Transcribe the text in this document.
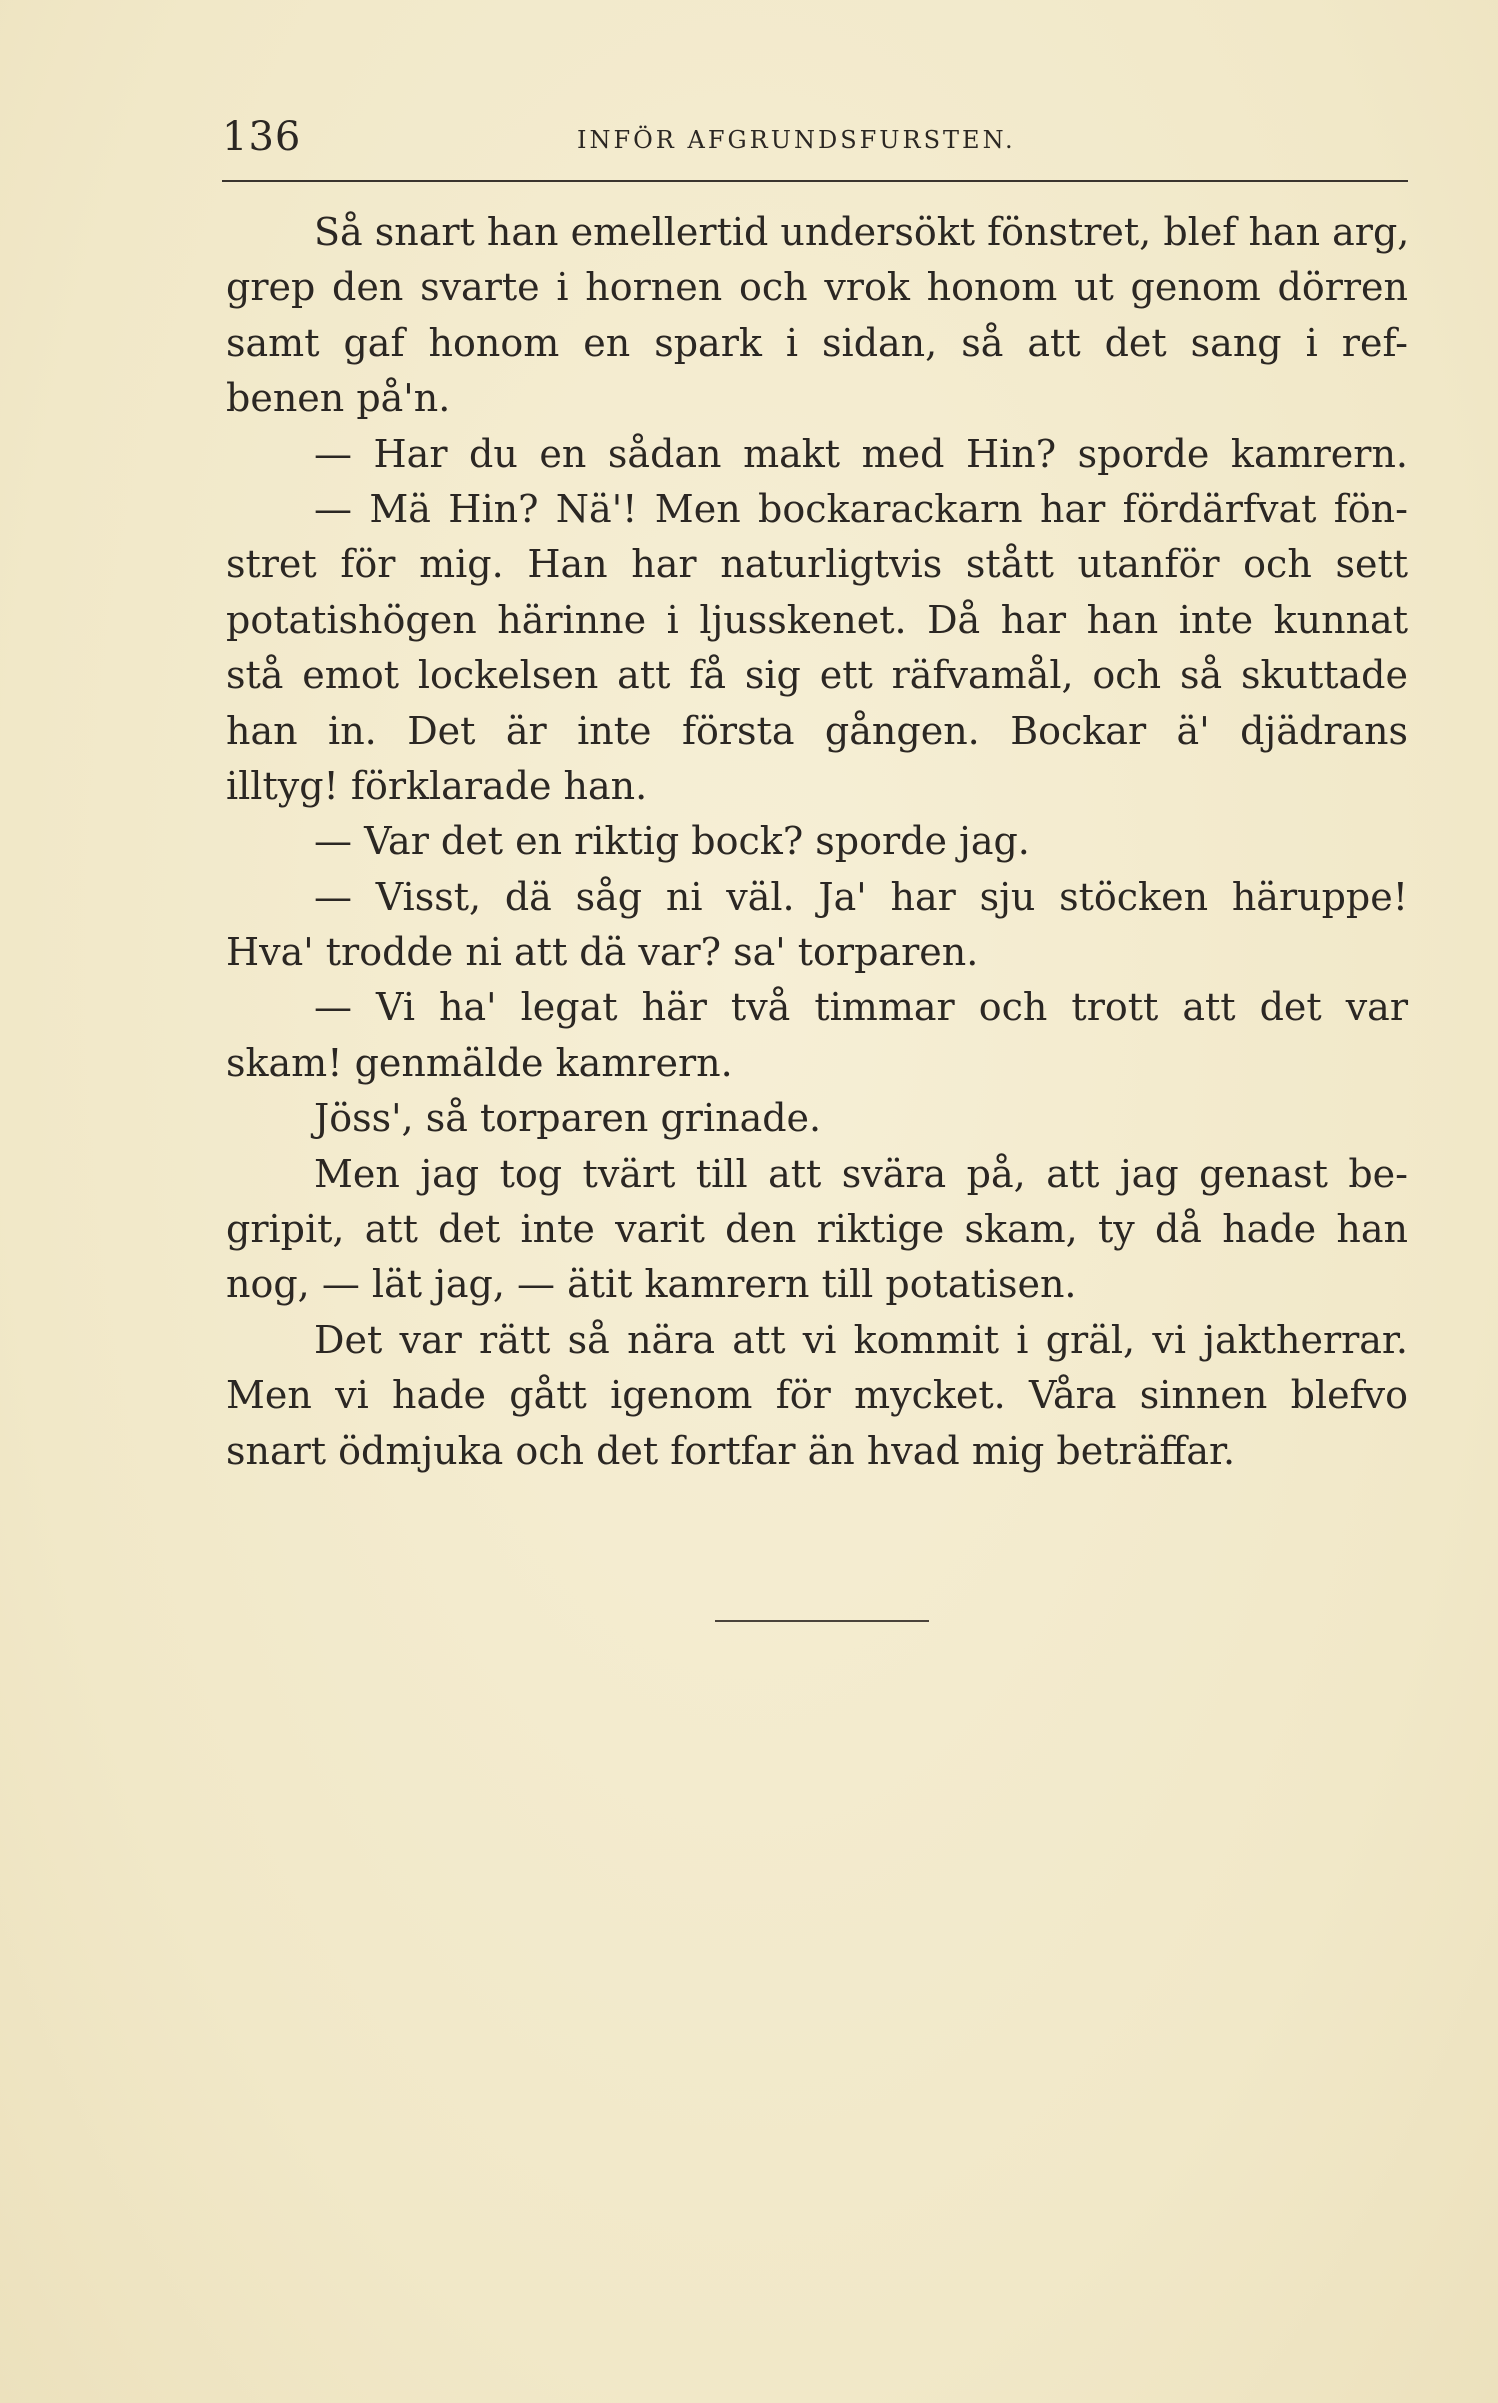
136	INFÖR AFGRUNDSFURSTEN.
Så snart han emellertid undersökt fönstret, blef han arg,
grep den svarte i hornen och vrok honom ut genom dörren
samt gaf honom en spark i sidan, så att det sang i ref-
benen på'n.
— Har du en sådan makt med Hin? sporde kamrern.
— Mä Hin? Nä'! Men bockarackarn har fördärfvat fön-
stret för mig. Han har naturligtvis stått utanför och sett
potatishögen härinne i ljusskenet. Då har han inte kunnat
stå emot lockelsen att få sig ett räfvamål, och så skuttade
han in. Det är inte första gången. Bockar ä' djädrans
illtyg! förklarade han.
— Var det en riktig bock? sporde jag.
— Visst, dä såg ni väl. Ja' har sju stöcken häruppe!
Hva' trodde ni att dä var? sa' torparen.
— Vi ha' legat här två timmar och trott att det var
skam! genmälde kamrern.
Jöss', så torparen grinade.
Men jag tog tvärt till att svära på, att jag genast be-
gripit, att det inte varit den riktige skam, ty då hade han
nog, — lät jag, — ätit kamrern till potatisen.
Det var rätt så nära att vi kommit i gräl, vi jaktherrar.
Men vi hade gått igenom för mycket. Våra sinnen blefvo
snart ödmjuka och det fortfar än hvad mig beträffar.
